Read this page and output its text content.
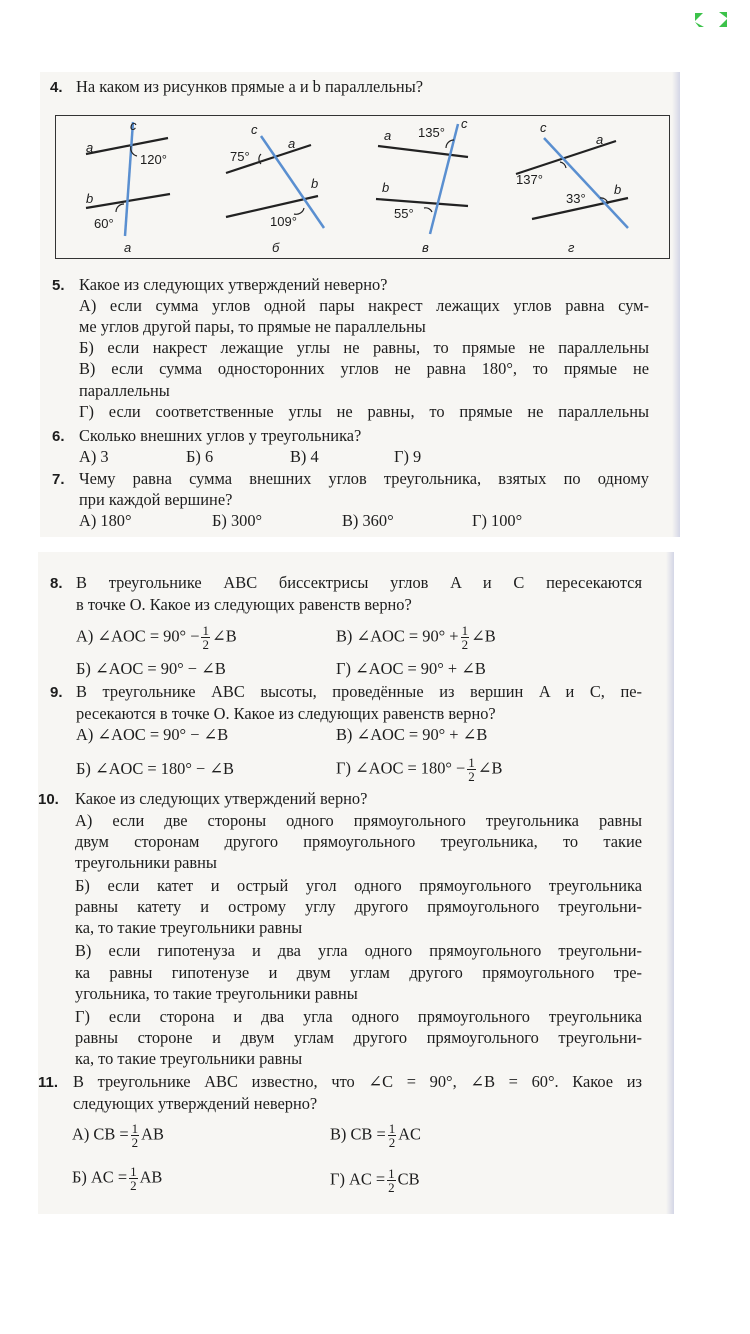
4. На каком из рисунков прямые а и b параллельны?
a
b
c
120°
60°
а
c
a
b
75°
109°
б
a
b
c
135°
55°
в
c
a
b
137°
33°
г
5. Какое из следующих утверждений неверно?
А) если сумма углов одной пары накрест лежащих углов равна сум-
ме углов другой пары, то прямые не параллельны
Б) если накрест лежащие углы не равны, то прямые не параллельны
В) если сумма односторонних углов не равна 180°, то прямые не
параллельны
Г) если соответственные углы не равны, то прямые не параллельны
6. Сколько внешних углов у треугольника?
А) 3	Б) 6	В) 4	Г) 9
7. Чему равна сумма внешних углов треугольника, взятых по одному
при каждой вершине?
А) 180°	Б) 300°	В) 360°	Г) 100°
8. В треугольнике ABC биссектрисы углов A и C пересекаются
в точке O. Какое из следующих равенств верно?
А) ∠AOC = $90^\circ - \frac{1}{2}$ ∠B	В) ∠AOC = $90^\circ + \frac{1}{2}$ ∠B
Б) ∠AOC = 90° − ∠B	Г) ∠AOC = 90° + ∠B
9. В треугольнике ABC высоты, проведённые из вершин A и C, пе-
ресекаются в точке O. Какое из следующих равенств верно?
А) ∠AOC = 90° − ∠B	В) ∠AOC = 90° + ∠B
Б) ∠AOC = 180° − ∠B	Г) ∠AOC = $180^\circ - \frac{1}{2}$ ∠B
10. Какое из следующих утверждений верно?
А) если две стороны одного прямоугольного треугольника равны
двум сторонам другого прямоугольного треугольника, то такие
треугольники равны
Б) если катет и острый угол одного прямоугольного треугольника
равны катету и острому углу другого прямоугольного треугольни-
ка, то такие треугольники равны
В) если гипотенуза и два угла одного прямоугольного треугольни-
ка равны гипотенузе и двум углам другого прямоугольного тре-
угольника, то такие треугольники равны
Г) если сторона и два угла одного прямоугольного треугольника
равны стороне и двум углам другого прямоугольного треугольни-
ка, то такие треугольники равны
11. В треугольнике ABC известно, что ∠C = 90°, ∠B = 60°. Какое из
следующих утверждений неверно?
А) CB = $\frac{1}{2}$ AB	В) CB = $\frac{1}{2}$ AC
Б) AC = $\frac{1}{2}$ AB	Г) AC = $\frac{1}{2}$ CB
